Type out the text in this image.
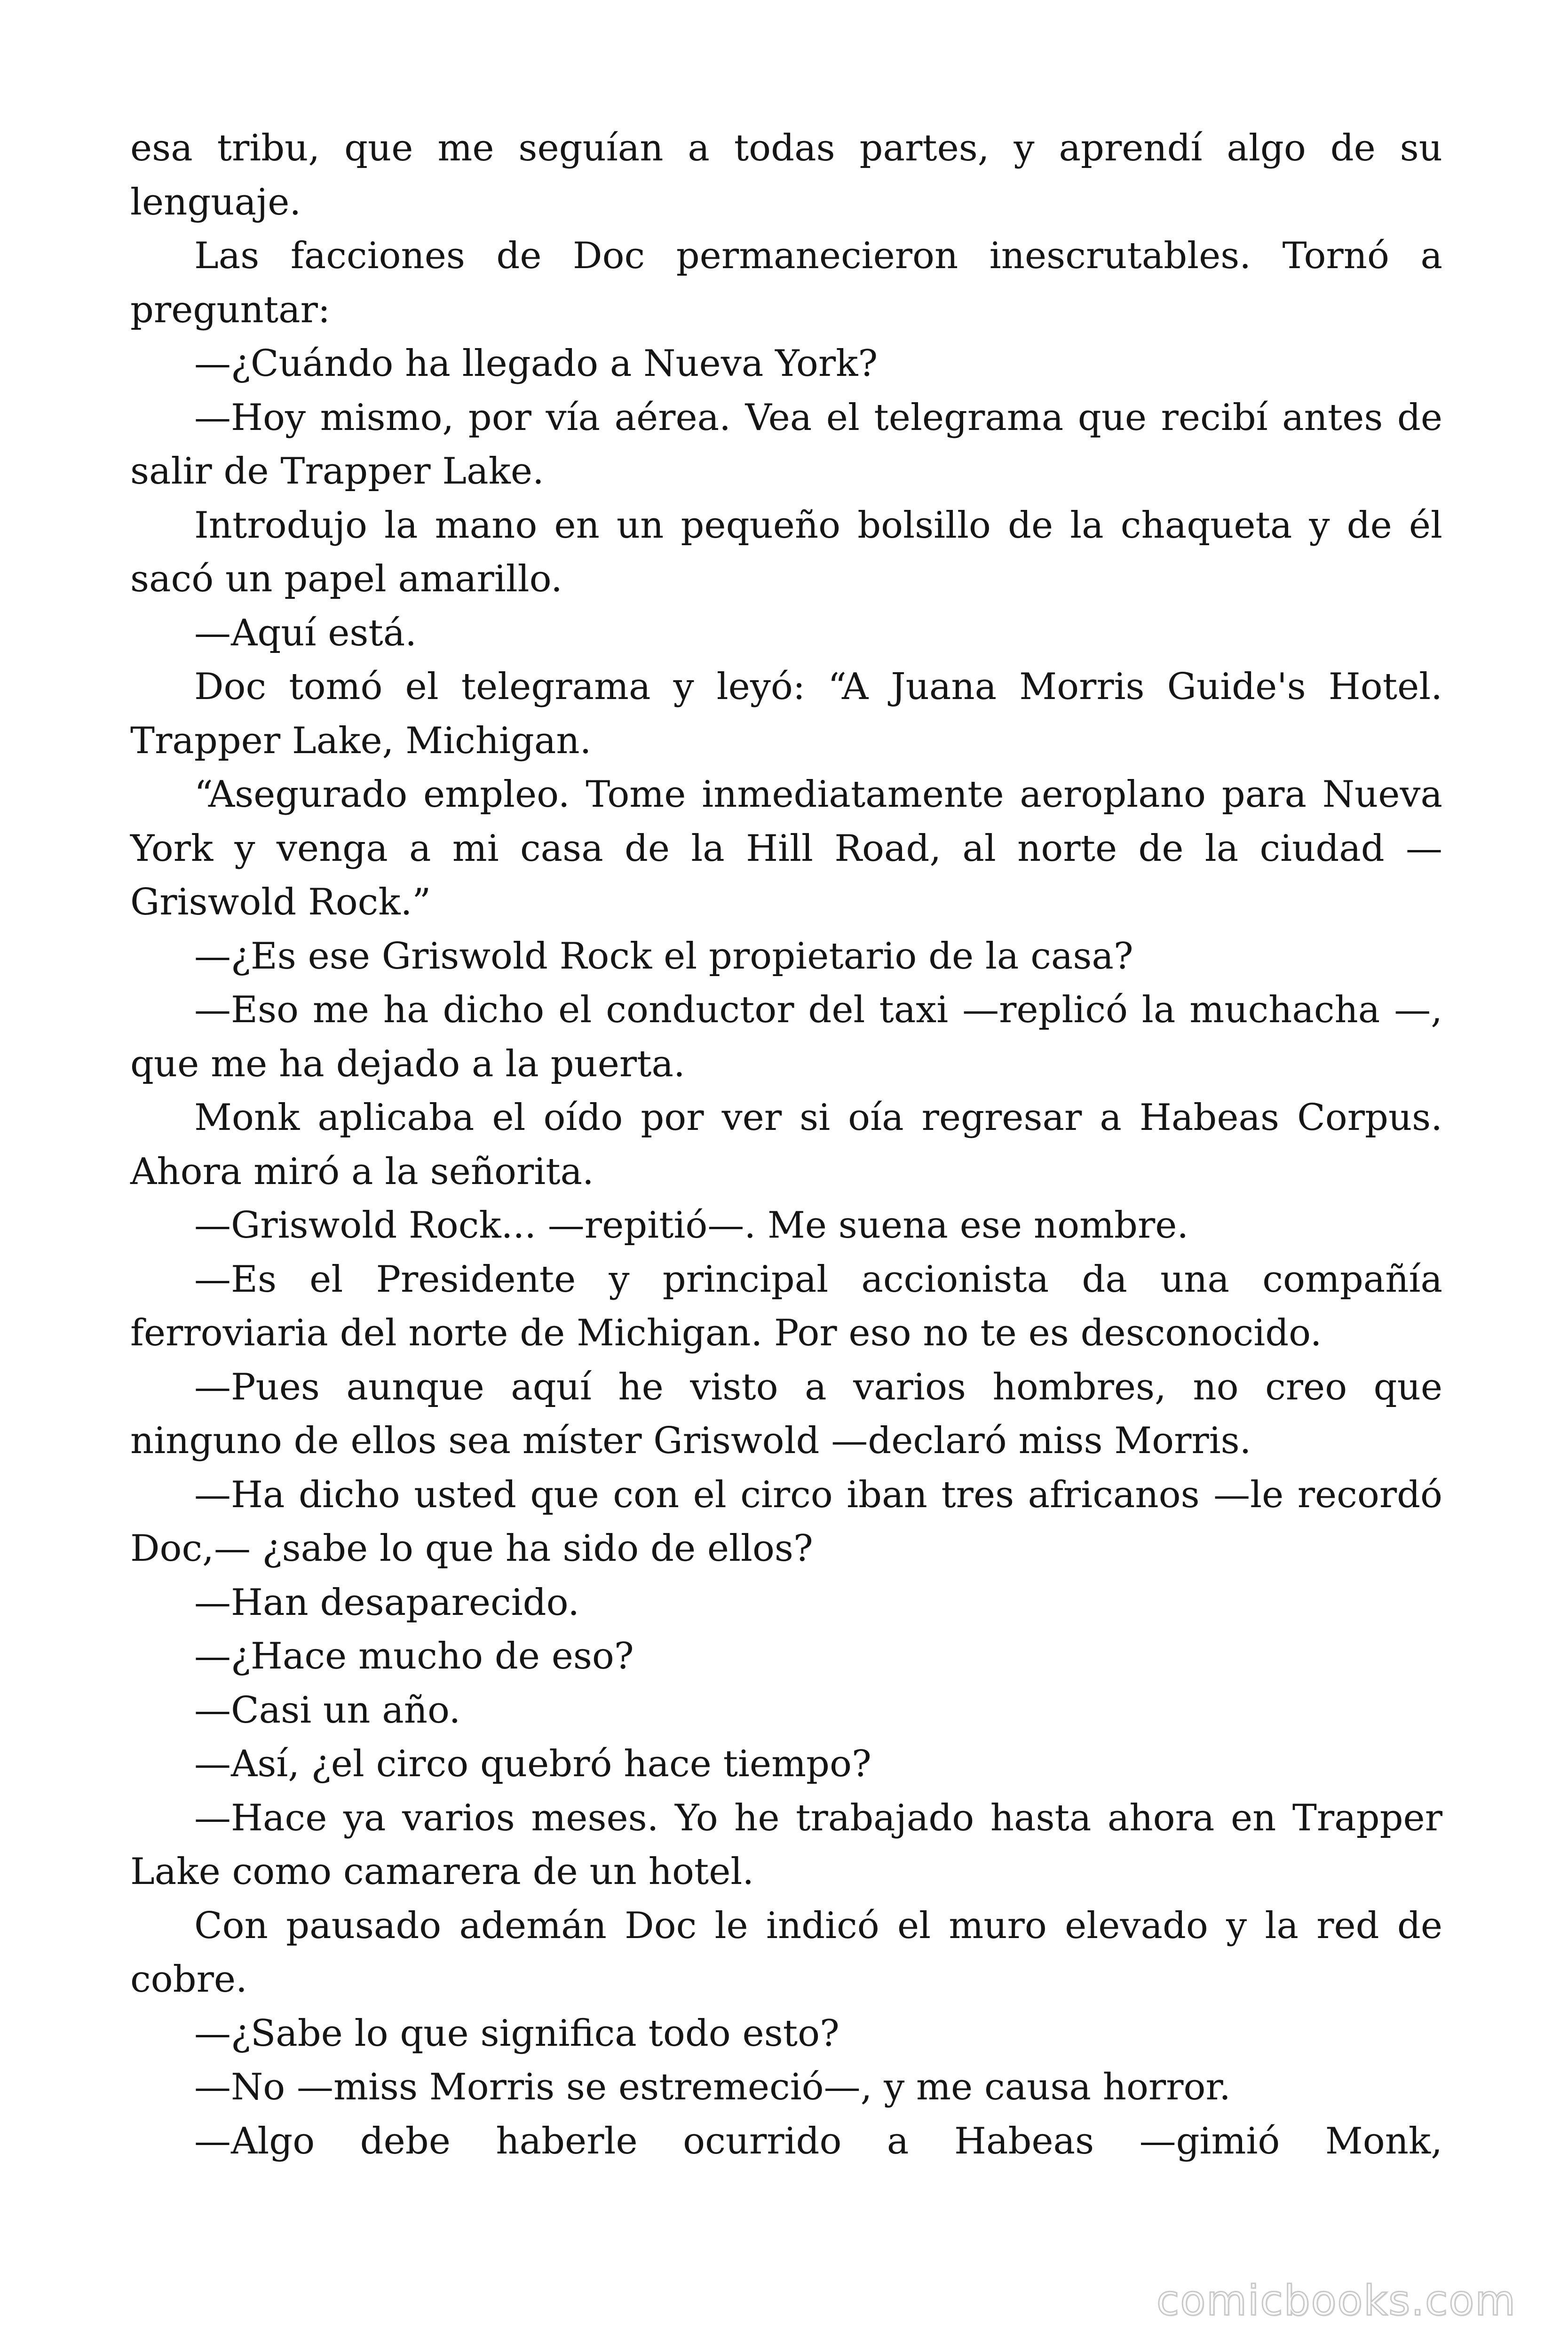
esa tribu, que me seguían a todas partes, y aprendí algo de su lenguaje.

Las facciones de Doc permanecieron inescrutables. Tornó a preguntar:

—¿Cuándo ha llegado a Nueva York?

—Hoy mismo, por vía aérea. Vea el telegrama que recibí antes de salir de Trapper Lake.

Introdujo la mano en un pequeño bolsillo de la chaqueta y de él sacó un papel amarillo.

—Aquí está.

Doc tomó el telegrama y leyó: “A Juana Morris Guide's Hotel. Trapper Lake, Michigan.

“Asegurado empleo. Tome inmediatamente aeroplano para Nueva York y venga a mi casa de la Hill Road, al norte de la ciudad —Griswold Rock.”

—¿Es ese Griswold Rock el propietario de la casa?

—Eso me ha dicho el conductor del taxi —replicó la muchacha —, que me ha dejado a la puerta.

Monk aplicaba el oído por ver si oía regresar a Habeas Corpus. Ahora miró a la señorita.

—Griswold Rock... —repitió—. Me suena ese nombre.

—Es el Presidente y principal accionista da una compañía ferroviaria del norte de Michigan. Por eso no te es desconocido.

—Pues aunque aquí he visto a varios hombres, no creo que ninguno de ellos sea míster Griswold —declaró miss Morris.

—Ha dicho usted que con el circo iban tres africanos —le recordó Doc,— ¿sabe lo que ha sido de ellos?

—Han desaparecido.

—¿Hace mucho de eso?

—Casi un año.

—Así, ¿el circo quebró hace tiempo?

—Hace ya varios meses. Yo he trabajado hasta ahora en Trapper Lake como camarera de un hotel.

Con pausado ademán Doc le indicó el muro elevado y la red de cobre.

—¿Sabe lo que significa todo esto?

—No —miss Morris se estremeció—, y me causa horror.

—Algo debe haberle ocurrido a Habeas —gimió Monk,

comicbooks.com
